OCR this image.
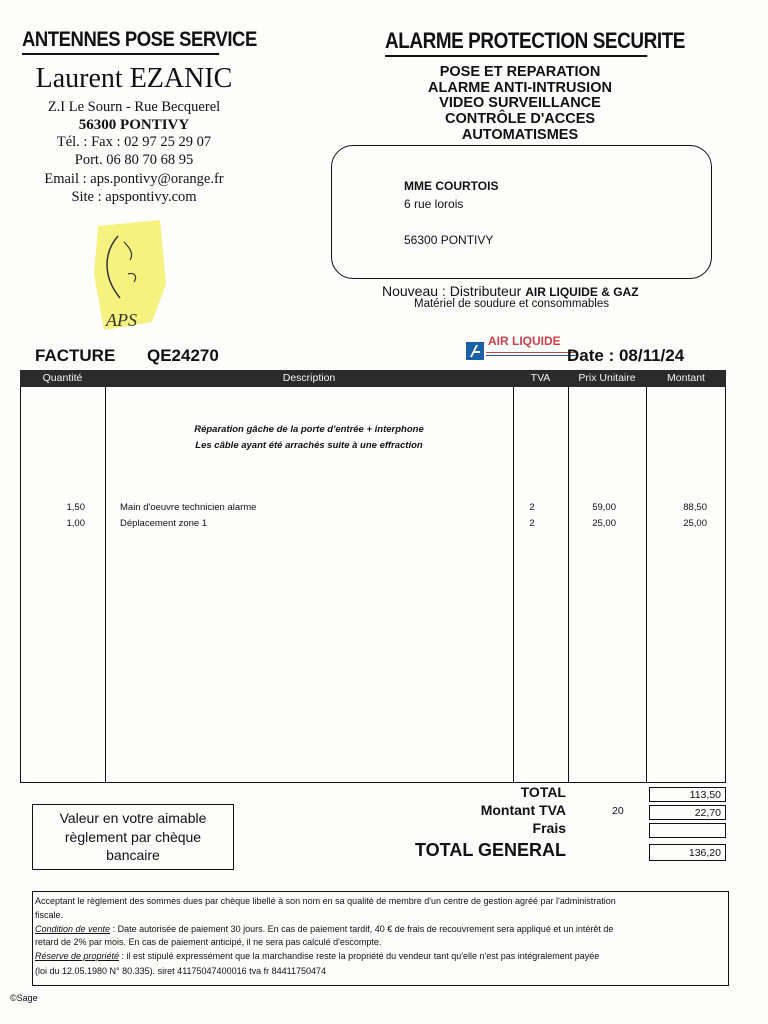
ANTENNES POSE SERVICE
Laurent EZANIC
Z.I Le Sourn - Rue Becquerel
56300 PONTIVY
Tél. : Fax : 02 97 25 29 07
Port. 06 80 70 68 95
Email : aps.pontivy@orange.fr
Site : apspontivy.com
APS
ALARME PROTECTION SECURITE
POSE ET REPARATION
ALARME ANTI-INTRUSION
VIDEO SURVEILLANCE
CONTRÔLE D'ACCES
AUTOMATISMES
MME COURTOIS
6 rue lorois
56300 PONTIVY
Nouveau : Distributeur AIR LIQUIDE & GAZ
Matériel de soudure et consommables
AIR LIQUIDE
FACTURE QE24270	Date : 08/11/24
Quantité	Description	TVA	Prix Unitaire	Montant
Réparation gâche de la porte d'entrée + interphone
Les câble ayant été arrachés suite à une effraction
1,50	Main d'oeuvre technicien alarme	2	59,00	88,50
1,00	Déplacement zone 1	2	25,00	25,00
TOTAL	113,50
Montant TVA	20	22,70
Frais
TOTAL GENERAL	136,20
Valeur en votre aimable
règlement par chèque
bancaire
Acceptant le règlement des sommes dues par chèque libellé à son nom en sa qualité de membre d'un centre de gestion agréé par l'administration
fiscale.
Condition de vente : Date autorisée de paiement 30 jours. En cas de paiement tardif, 40 € de frais de recouvrement sera appliqué et un intérêt de
retard de 2% par mois. En cas de paiement anticipé, il ne sera pas calculé d'escompte.
Réserve de propriété : il est stipulé expressément que la marchandise reste la propriété du vendeur tant qu'elle n'est pas intégralement payée
(loi du 12.05.1980 N° 80.335). siret 41175047400016 tva fr 84411750474
©Sage
